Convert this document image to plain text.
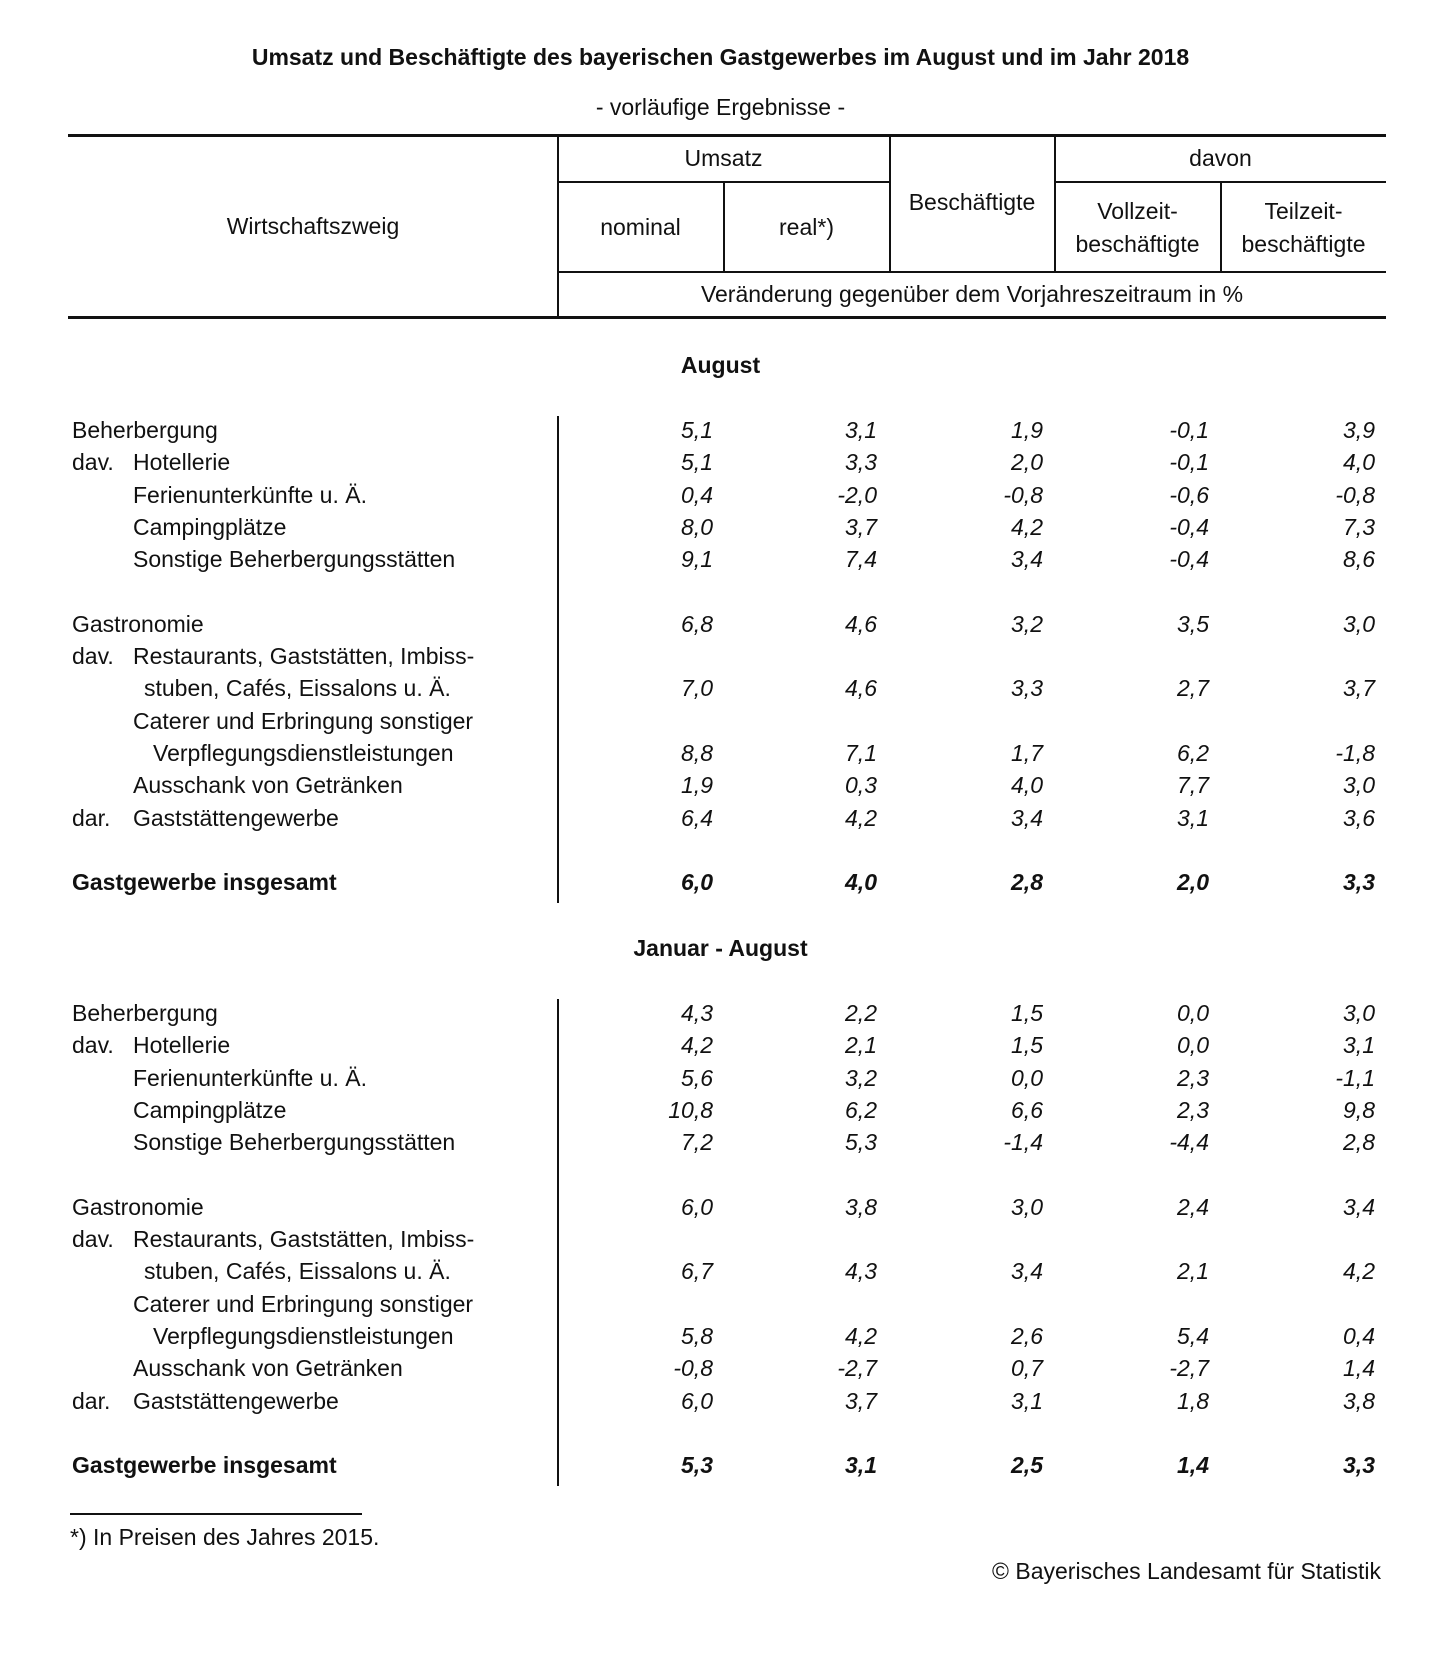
Umsatz und Beschäftigte des bayerischen Gastgewerbes im August und im Jahr 2018
- vorläufige Ergebnisse -
Wirtschaftszweig
Umsatz
nominal	real*)
Beschäftigte
davon
Vollzeit-
beschäftigte
Teilzeit-
beschäftigte
Veränderung gegenüber dem Vorjahreszeitraum in %
August
Januar - August
Beherbergung	5,1	3,1	1,9	-0,1	3,9
dav. Hotellerie	5,1	3,3	2,0	-0,1	4,0
Ferienunterkünfte u. Ä.	0,4	-2,0	-0,8	-0,6	-0,8
Campingplätze	8,0	3,7	4,2	-0,4	7,3
Sonstige Beherbergungsstätten	9,1	7,4	3,4	-0,4	8,6
Gastronomie	6,8	4,6	3,2	3,5	3,0
dav. Restaurants, Gaststätten, Imbiss-
stuben, Cafés, Eissalons u. Ä.	7,0	4,6	3,3	2,7	3,7
Caterer und Erbringung sonstiger
Verpflegungsdienstleistungen	8,8	7,1	1,7	6,2	-1,8
Ausschank von Getränken	1,9	0,3	4,0	7,7	3,0
dar. Gaststättengewerbe	6,4	4,2	3,4	3,1	3,6
Gastgewerbe insgesamt	6,0	4,0	2,8	2,0	3,3
Beherbergung	4,3	2,2	1,5	0,0	3,0
dav. Hotellerie	4,2	2,1	1,5	0,0	3,1
Ferienunterkünfte u. Ä.	5,6	3,2	0,0	2,3	-1,1
Campingplätze	10,8	6,2	6,6	2,3	9,8
Sonstige Beherbergungsstätten	7,2	5,3	-1,4	-4,4	2,8
Gastronomie	6,0	3,8	3,0	2,4	3,4
dav. Restaurants, Gaststätten, Imbiss-
stuben, Cafés, Eissalons u. Ä.	6,7	4,3	3,4	2,1	4,2
Caterer und Erbringung sonstiger
Verpflegungsdienstleistungen	5,8	4,2	2,6	5,4	0,4
Ausschank von Getränken	-0,8	-2,7	0,7	-2,7	1,4
dar. Gaststättengewerbe	6,0	3,7	3,1	1,8	3,8
Gastgewerbe insgesamt	5,3	3,1	2,5	1,4	3,3
*) In Preisen des Jahres 2015.
© Bayerisches Landesamt für Statistik
